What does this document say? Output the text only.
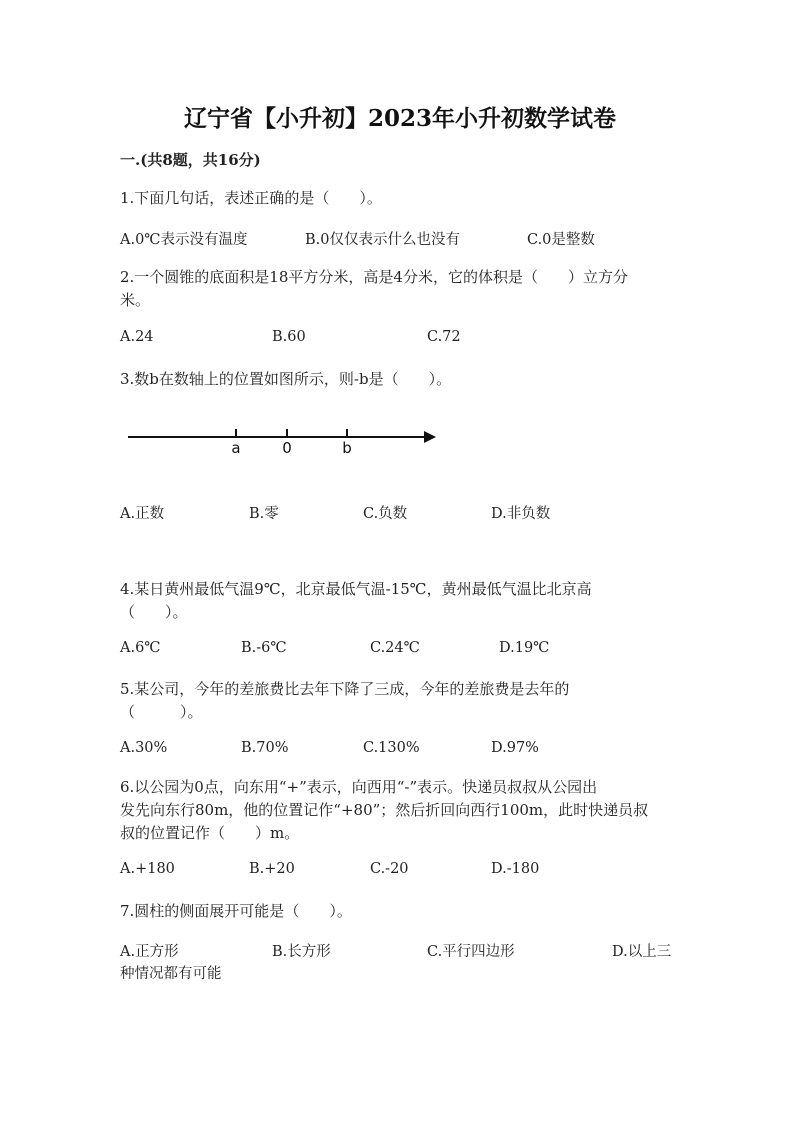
辽宁省【小升初】2023年小升初数学试卷
一.(共8题，共16分)
1.下面几句话，表述正确的是（　　）。
A.0℃表示没有温度	B.0仅仅表示什么也没有	C.0是整数
2.一个圆锥的底面积是18平方分米，高是4分米，它的体积是（　　）立方分
米。
A.24	B.60	C.72
3.数b在数轴上的位置如图所示，则-b是（　　）。
a	0	b
A.正数	B.零	C.负数	D.非负数
4.某日黄州最低气温9℃，北京最低气温-15℃，黄州最低气温比北京高
（　　）。
A.6℃	B.-6℃	C.24℃	D.19℃
5.某公司，今年的差旅费比去年下降了三成，今年的差旅费是去年的
（　　　）。
A.30%	B.70%	C.130%	D.97%
6.以公园为0点，向东用“+”表示，向西用“-”表示。快递员叔叔从公园出
发先向东行80m，他的位置记作“+80”；然后折回向西行100m，此时快递员叔
叔的位置记作（　　）m。
A.+180	B.+20	C.-20	D.-180
7.圆柱的侧面展开可能是（　　）。
A.正方形	B.长方形	C.平行四边形	D.以上三
种情况都有可能
